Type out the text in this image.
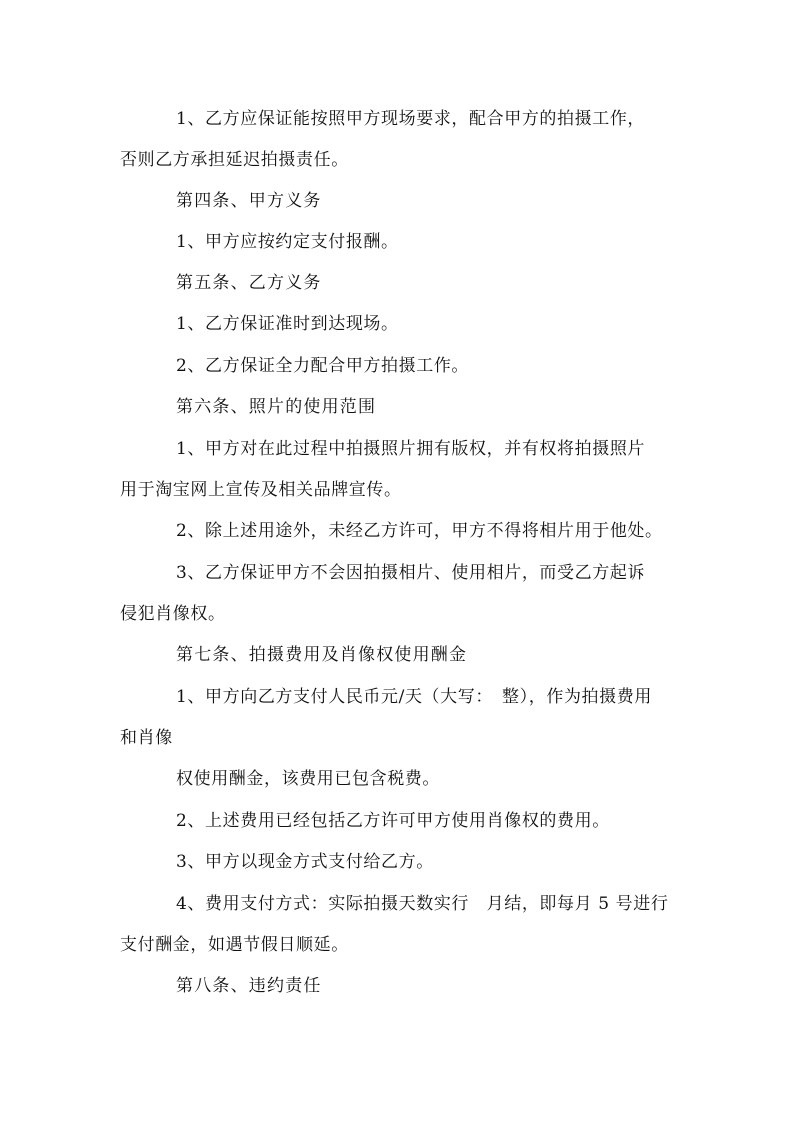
1、乙方应保证能按照甲方现场要求，配合甲方的拍摄工作，
否则乙方承担延迟拍摄责任。
第四条、甲方义务
1、甲方应按约定支付报酬。
第五条、乙方义务
1、乙方保证准时到达现场。
2、乙方保证全力配合甲方拍摄工作。
第六条、照片的使用范围
1、甲方对在此过程中拍摄照片拥有版权，并有权将拍摄照片
用于淘宝网上宣传及相关品牌宣传。
2、除上述用途外，未经乙方许可，甲方不得将相片用于他处。
3、乙方保证甲方不会因拍摄相片、使用相片，而受乙方起诉
侵犯肖像权。
第七条、拍摄费用及肖像权使用酬金
1、甲方向乙方支付人民币元/天（大写：　整），作为拍摄费用
和肖像
权使用酬金，该费用已包含税费。
2、上述费用已经包括乙方许可甲方使用肖像权的费用。
3、甲方以现金方式支付给乙方。
4、费用支付方式：实际拍摄天数实行　月结，即每月 5 号进行
支付酬金，如遇节假日顺延。
第八条、违约责任
